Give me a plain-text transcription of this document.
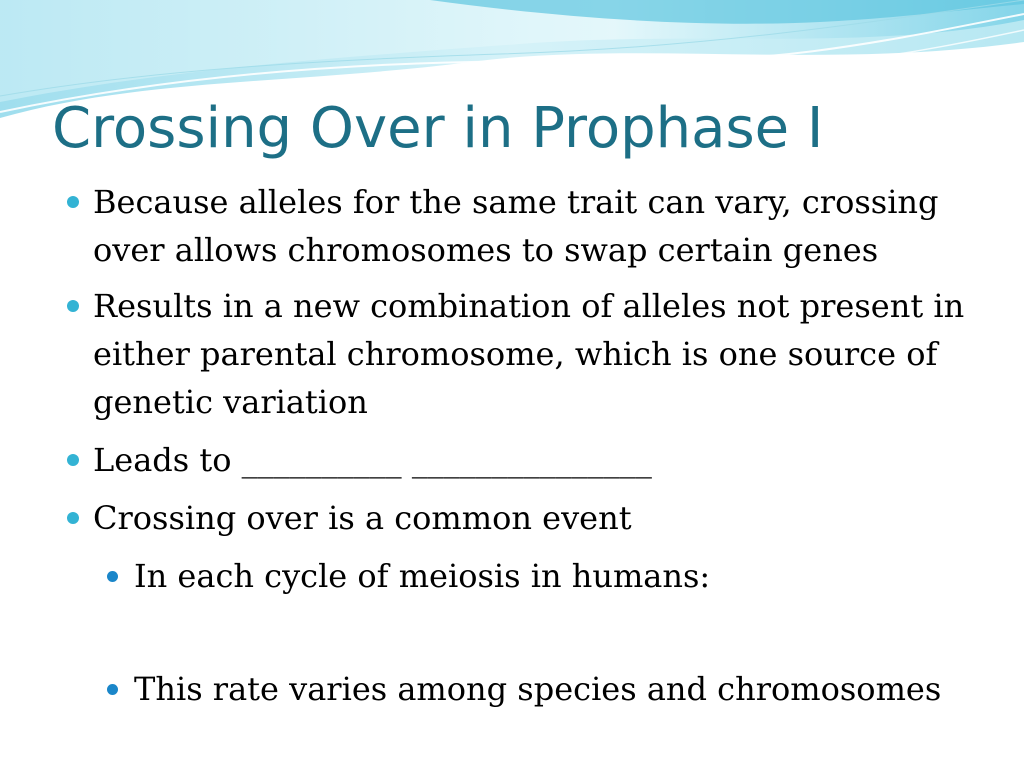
Crossing Over in Prophase I
Because alleles for the same trait can vary, crossing over allows chromosomes to swap certain genes
Results in a new combination of alleles not present in either parental chromosome, which is one source of genetic variation
Leads to __________ _______________
Crossing over is a common event
In each cycle of meiosis in humans:
This rate varies among species and chromosomes
